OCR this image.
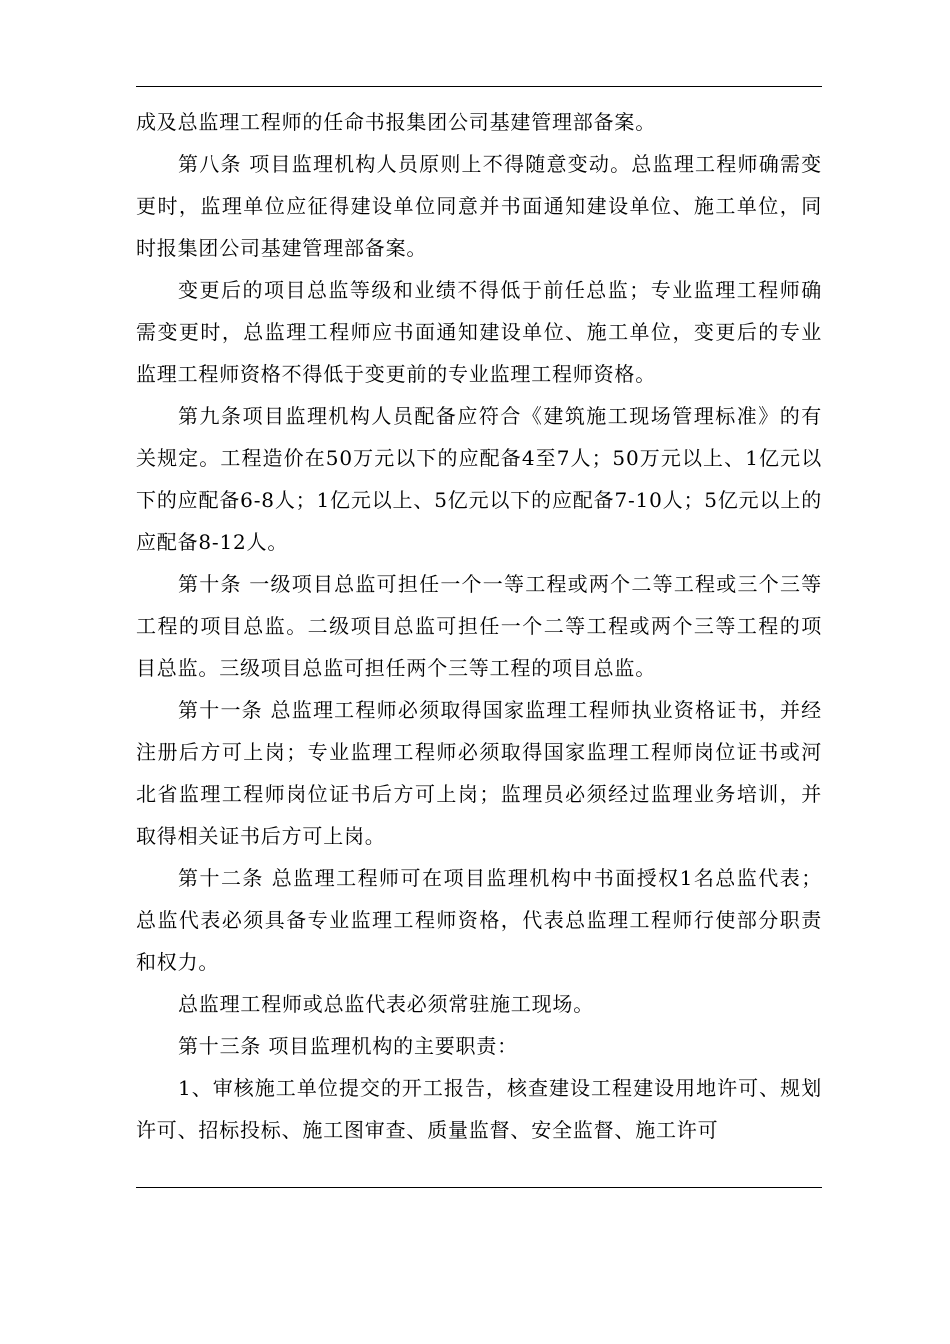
成及总监理工程师的任命书报集团公司基建管理部备案。

第八条 项目监理机构人员原则上不得随意变动。总监理工程师确需变更时，监理单位应征得建设单位同意并书面通知建设单位、施工单位，同时报集团公司基建管理部备案。

变更后的项目总监等级和业绩不得低于前任总监；专业监理工程师确需变更时，总监理工程师应书面通知建设单位、施工单位，变更后的专业监理工程师资格不得低于变更前的专业监理工程师资格。

第九条项目监理机构人员配备应符合《建筑施工现场管理标准》的有关规定。工程造价在50万元以下的应配备4至7人；50万元以上、1亿元以下的应配备6-8人；1亿元以上、5亿元以下的应配备7-10人；5亿元以上的应配备8-12人。

第十条 一级项目总监可担任一个一等工程或两个二等工程或三个三等工程的项目总监。二级项目总监可担任一个二等工程或两个三等工程的项目总监。三级项目总监可担任两个三等工程的项目总监。

第十一条 总监理工程师必须取得国家监理工程师执业资格证书，并经注册后方可上岗；专业监理工程师必须取得国家监理工程师岗位证书或河北省监理工程师岗位证书后方可上岗；监理员必须经过监理业务培训，并取得相关证书后方可上岗。

第十二条 总监理工程师可在项目监理机构中书面授权1名总监代表；总监代表必须具备专业监理工程师资格，代表总监理工程师行使部分职责和权力。

总监理工程师或总监代表必须常驻施工现场。

第十三条 项目监理机构的主要职责：

1、审核施工单位提交的开工报告，核查建设工程建设用地许可、规划许可、招标投标、施工图审查、质量监督、安全监督、施工许可
